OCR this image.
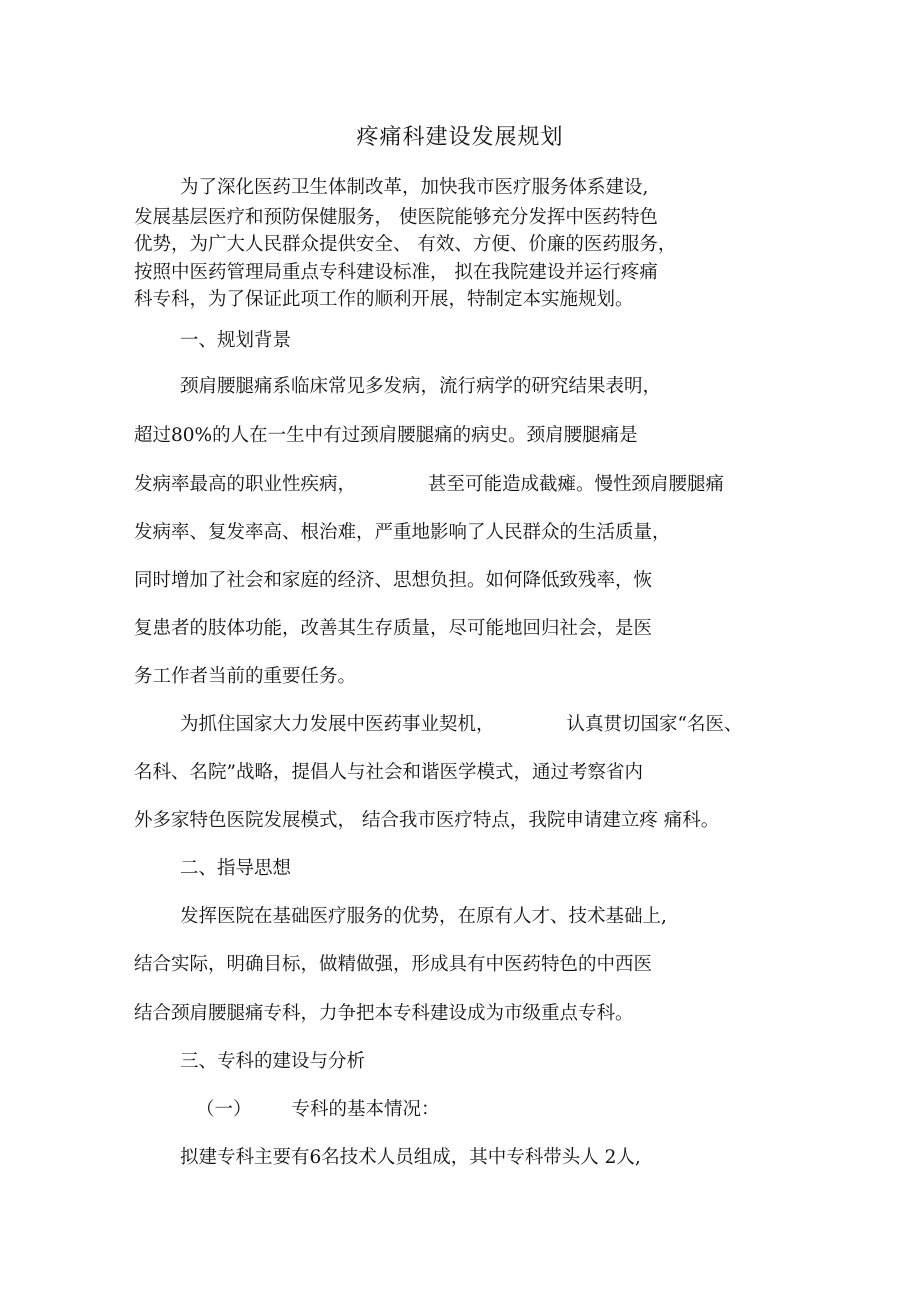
疼痛科建设发展规划
为了深化医药卫生体制改革，加快我市医疗服务体系建设,
发展基层医疗和预防保健服务， 使医院能够充分发挥中医药特色
优势，为广大人民群众提供安全、 有效、方便、价廉的医药服务，
按照中医药管理局重点专科建设标准， 拟在我院建设并运行疼痛
科专科，为了保证此项工作的顺利开展，特制定本实施规划。
一、规划背景
颈肩腰腿痛系临床常见多发病，流行病学的研究结果表明，
超过80%的人在一生中有过颈肩腰腿痛的病史。颈肩腰腿痛是
发病率最高的职业性疾病，	甚至可能造成截瘫。慢性颈肩腰腿痛
发病率、复发率高、根治难，严重地影响了人民群众的生活质量，
同时增加了社会和家庭的经济、思想负担。如何降低致残率，恢
复患者的肢体功能，改善其生存质量，尽可能地回归社会，是医
务工作者当前的重要任务。
为抓住国家大力发展中医药事业契机，	认真贯切国家“名医、
名科、名院”战略，提倡人与社会和谐医学模式，通过考察省内
外多家特色医院发展模式， 结合我市医疗特点，我院申请建立疼 痛科。
二、指导思想
发挥医院在基础医疗服务的优势，在原有人才、技术基础上,
结合实际，明确目标，做精做强，形成具有中医药特色的中西医
结合颈肩腰腿痛专科，力争把本专科建设成为市级重点专科。
三、专科的建设与分析
（一） 专科的基本情况：
拟建专科主要有6名技术人员组成，其中专科带头人 2人,
